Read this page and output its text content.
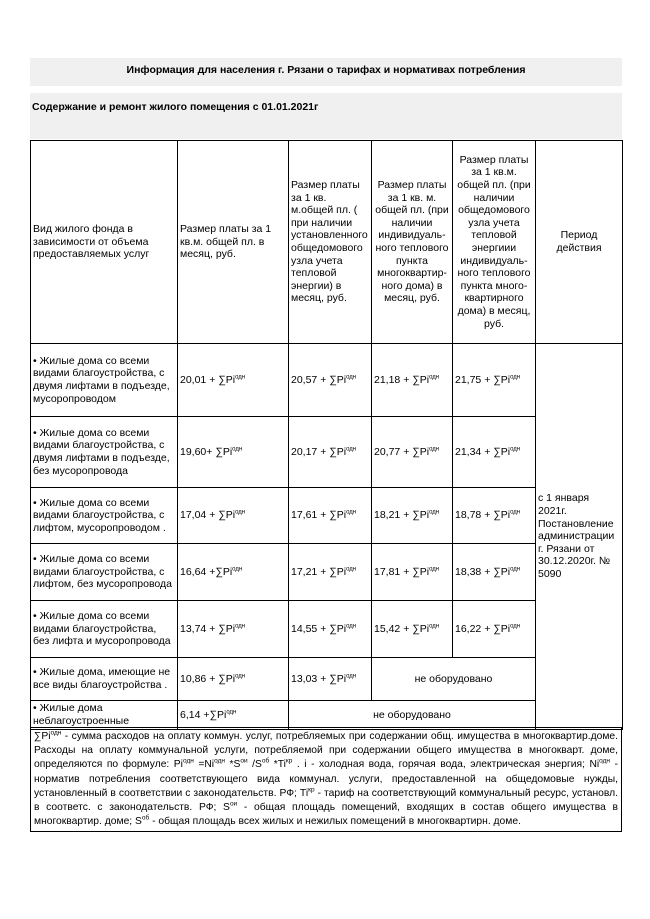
Информация для населения г. Рязани о тарифах и нормативах потребления
Содержание и ремонт жилого помещения с 01.01.2021г
Вид жилого фонда в зависимости от объема предоставляемых услуг	Размер платы за 1 кв.м. общей пл. в месяц, руб.	Размер платы за 1 кв. м.общей пл. ( при наличии установленного общедомового узла учета тепловой энергии) в месяц, руб.	Размер платы за 1 кв. м. общей пл. (при наличии индивидуаль-ного теплового пункта многоквартир-ного дома) в месяц, руб.	Размер платы за 1 кв.м. общей пл. (при наличии общедомового узла учета тепловой энергиии индивидуаль-ного теплового пункта много-квартирного дома) в месяц, руб.	Период действия
• Жилые дома со всеми видами благоустройства, с двумя лифтами в подъезде, мусоропроводом	$20,01 + \sum Pi^{одн}$	$20,57 + \sum Pi^{одн}$	$21,18 + \sum Pi^{одн}$	$21,75 + \sum Pi^{одн}$	с 1 января 2021г. Постановление администрации г. Рязани от 30.12.2020г. № 5090
• Жилые дома со всеми видами благоустройства, с двумя лифтами в подъезде, без мусоропровода	$19,60+ \sum Pi^{одн}$	$20,17 + \sum Pi^{одн}$	$20,77 + \sum Pi^{одн}$	$21,34 + \sum Pi^{одн}$
• Жилые дома со всеми видами благоустройства, с лифтом, мусоропроводом .	$17,04 + \sum Pi^{одн}$	$17,61 + \sum Pi^{одн}$	$18,21 + \sum Pi^{одн}$	$18,78 + \sum Pi^{одн}$
• Жилые дома со всеми видами благоустройства, с лифтом, без мусоропровода	$16,64 +\sum Pi^{одн}$	$17,21 + \sum Pi^{одн}$	$17,81 + \sum Pi^{одн}$	$18,38 + \sum Pi^{одн}$
• Жилые дома со всеми видами благоустройства, без лифта и мусоропровода	$13,74 + \sum Pi^{одн}$	$14,55 + \sum Pi^{одн}$	$15,42 + \sum Pi^{одн}$	$16,22 + \sum Pi^{одн}$
• Жилые дома, имеющие не все виды благоустройства .	$10,86 + \sum Pi^{одн}$	$13,03 + \sum Pi^{одн}$	не оборудовано		
• Жилые дома неблагоустроенные	$6,14 +\sum Pi^{одн}$	не оборудовано			
$\sum Pi^{одн}$ - сумма расходов на оплату коммун. услуг, потребляемых при содержании общ. имущества в многоквартир.доме. Расходы на оплату коммунальной услуги, потребляемой при содержании общего имущества в многокварт. доме, определяются по формуле: $Pi^{одн} =Ni^{одн}$ $*S^{ои}$ $/S^{об}$ $*Ti^{кр}$ . i - холодная вода, горячая вода, электрическая энергия; $Ni^{одн}$ - норматив потребления соответствующего вида коммунал. услуги, предоставленной на общедомовые нужды, установленный в соответствии с законодательств. РФ; $Ti^{кр}$ - тариф на соответствующий коммунальный ресурс, установл. в соответс. с законодательств. РФ; $S^{ои}$ - общая площадь помещений, входящих в состав общего имущества в многоквартир. доме; $S^{об}$ - общая площадь всех жилых и нежилых помещений в многоквартирн. доме.
